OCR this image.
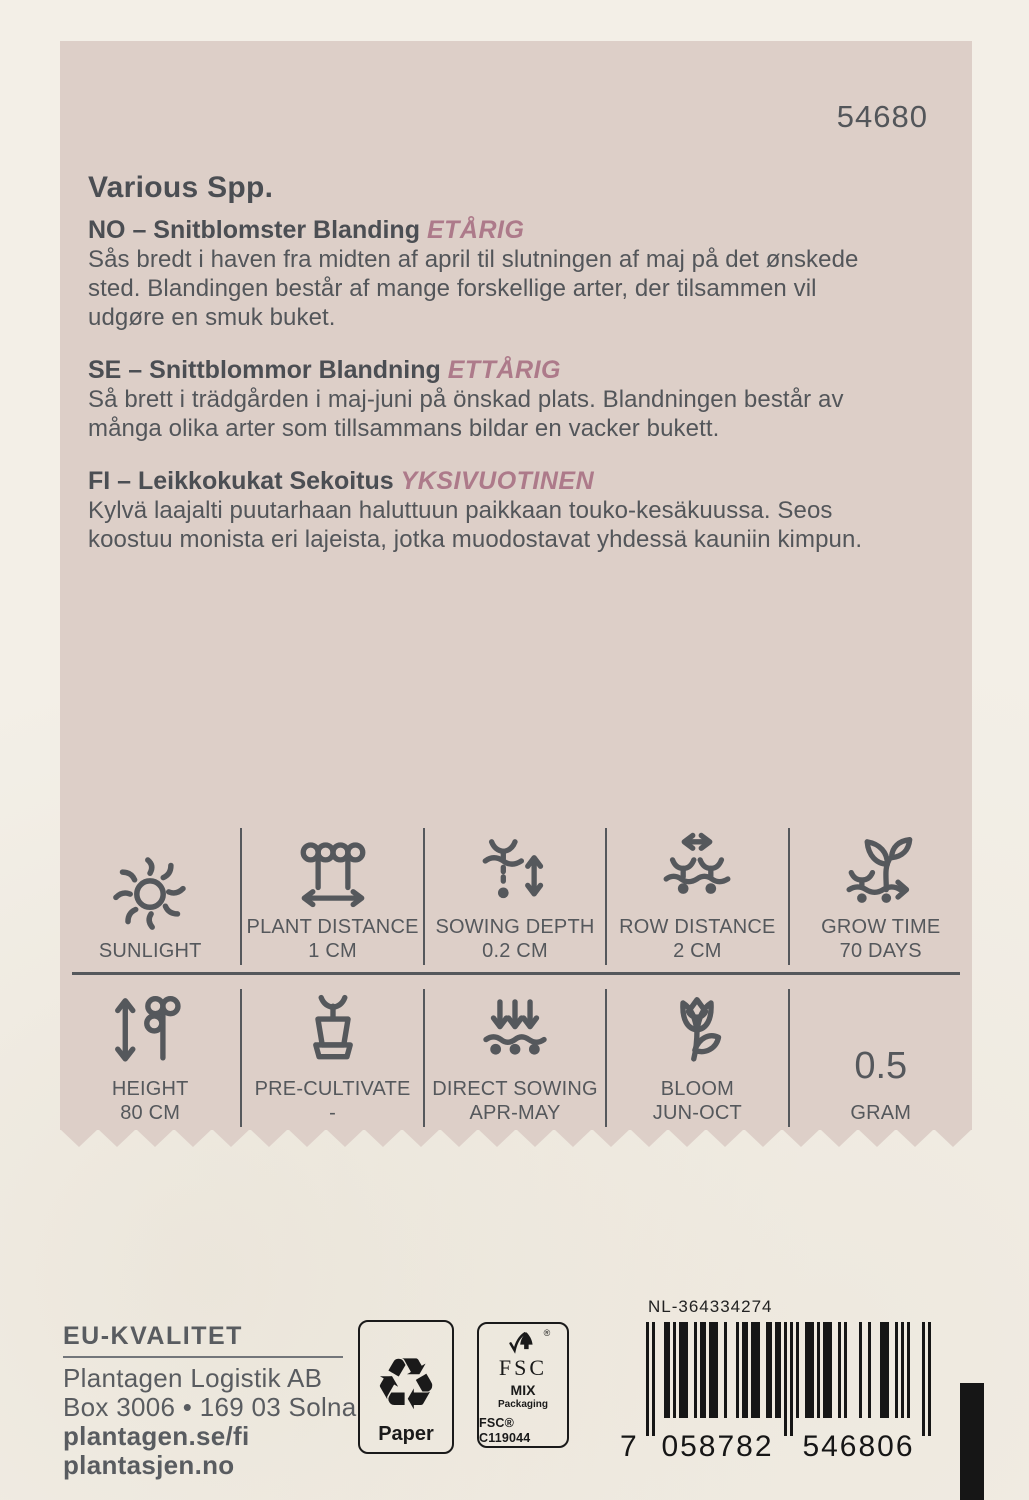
54680
Various Spp.
NO – Snitblomster Blanding ETÅRIG
Sås bredt i haven fra midten af april til slutningen af maj på det ønskede sted. Blandingen består af mange forskellige arter, der tilsammen vil udgøre en smuk buket.
SE – Snittblommor Blandning ETTÅRIG
Så brett i trädgården i maj-juni på önskad plats. Blandningen består av många olika arter som tillsammans bildar en vacker bukett.
FI – Leikkokukat Sekoitus YKSIVUOTINEN
Kylvä laajalti puutarhaan haluttuun paikkaan touko-kesäkuussa. Seos koostuu monista eri lajeista, jotka muodostavat yhdessä kauniin kimpun.
SUNLIGHT
PLANT DISTANCE
1 CM
SOWING DEPTH
0.2 CM
ROW DISTANCE
2 CM
GROW TIME
70 DAYS
HEIGHT
80 CM
PRE-CULTIVATE
-
DIRECT SOWING
APR-MAY
BLOOM
JUN-OCT
0.5
GRAM
EU-KVALITET
Plantagen Logistik AB
Box 3006 • 169 03 Solna
plantagen.se/fi
plantasjen.no
♻
Paper
®
FSC
MIX
Packaging
FSC® C119044
NL-364334274
7 058782 546806
